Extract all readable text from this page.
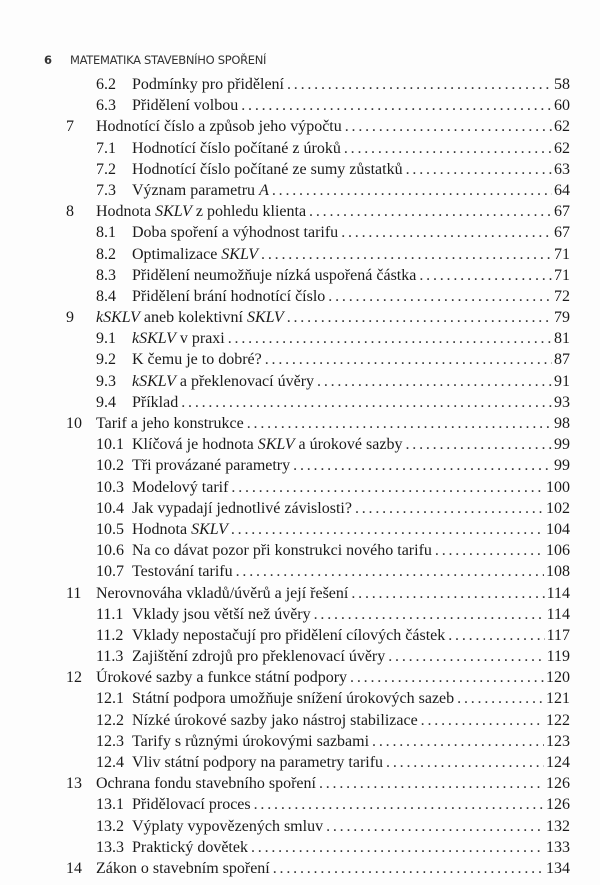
6 MATEMATIKA STAVEBNÍHO SPOŘENÍ
6.2 Podmínky pro přidělení . . .	58
6.3 Přidělení volbou . . .	60
7 Hodnotící číslo a způsob jeho výpočtu . . .	62
7.1 Hodnotící číslo počítané z úroků . . .	62
7.2 Hodnotící číslo počítané ze sumy zůstatků . . .	63
7.3 Význam parametru A . . .	64
8 Hodnota SKLV z pohledu klienta . . .	67
8.1 Doba spoření a výhodnost tarifu . . .	67
8.2 Optimalizace SKLV . . .	71
8.3 Přidělení neumožňuje nízká uspořená částka . . .	71
8.4 Přidělení brání hodnotící číslo . . .	72
9 kSKLV aneb kolektivní SKLV . . .	79
9.1 kSKLV v praxi . . .	81
9.2 K čemu je to dobré? . . .	87
9.3 kSKLV a překlenovací úvěry . . .	91
9.4 Příklad . . .	93
10 Tarif a jeho konstrukce . . .	98
10.1 Klíčová je hodnota SKLV a úrokové sazby . . .	99
10.2 Tři provázané parametry . . .	99
10.3 Modelový tarif . . .	100
10.4 Jak vypadají jednotlivé závislosti? . . .	102
10.5 Hodnota SKLV . . .	104
10.6 Na co dávat pozor při konstrukci nového tarifu . . .	106
10.7 Testování tarifu . . .	108
11 Nerovnováha vkladů/úvěrů a její řešení . . .	114
11.1 Vklady jsou větší než úvěry . . .	114
11.2 Vklady nepostačují pro přidělení cílových částek . . .	117
11.3 Zajištění zdrojů pro překlenovací úvěry . . .	119
12 Úrokové sazby a funkce státní podpory . . .	120
12.1 Státní podpora umožňuje snížení úrokových sazeb . . .	121
12.2 Nízké úrokové sazby jako nástroj stabilizace . . .	122
12.3 Tarify s různými úrokovými sazbami . . .	123
12.4 Vliv státní podpory na parametry tarifu . . .	124
13 Ochrana fondu stavebního spoření . . .	126
13.1 Přidělovací proces . . .	126
13.2 Výplaty vypovězených smluv . . .	132
13.3 Praktický dovětek . . .	133
14 Zákon o stavebním spoření . . .	134
